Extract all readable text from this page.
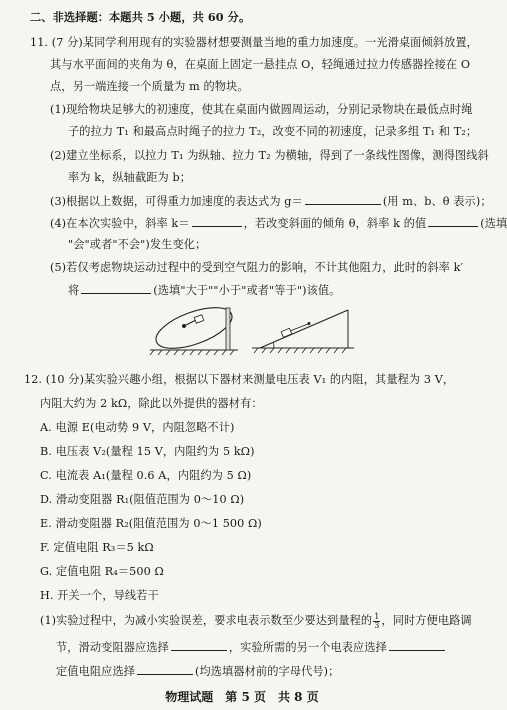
二、非选择题：本题共 5 小题，共 60 分。
11. (7 分)某同学利用现有的实验器材想要测量当地的重力加速度。一光滑桌面倾斜放置，
其与水平面间的夹角为 θ，在桌面上固定一悬挂点 O，轻绳通过拉力传感器拴接在 O
点，另一端连接一个质量为 m 的物块。
(1)现给物块足够大的初速度，使其在桌面内做圆周运动，分别记录物块在最低点时绳
子的拉力 T₁ 和最高点时绳子的拉力 T₂，改变不同的初速度，记录多组 T₁ 和 T₂；
(2)建立坐标系，以拉力 T₁ 为纵轴、拉力 T₂ 为横轴，得到了一条线性图像，测得图线斜
率为 k，纵轴截距为 b；
(3)根据以上数据，可得重力加速度的表达式为 g＝	(用 m、b、θ 表示)；
(4)在本次实验中，斜率 k＝	，若改变斜面的倾角 θ，斜率 k 的值	(选填
"会"或者"不会")发生变化；
(5)若仅考虑物块运动过程中的受到空气阻力的影响，不计其他阻力，此时的斜率 k′
将	(选填"大于""小于"或者"等于")该值。
12. (10 分)某实验兴趣小组，根据以下器材来测量电压表 V₁ 的内阻，其量程为 3 V，
内阻大约为 2 kΩ，除此以外提供的器材有：
A. 电源 E(电动势 9 V，内阻忽略不计)
B. 电压表 V₂(量程 15 V，内阻约为 5 kΩ)
C. 电流表 A₁(量程 0.6 A，内阻约为 5 Ω)
D. 滑动变阻器 R₁(阻值范围为 0～10 Ω)
E. 滑动变阻器 R₂(阻值范围为 0～1 500 Ω)
F. 定值电阻 R₃＝5 kΩ
G. 定值电阻 R₄＝500 Ω
H. 开关一个，导线若干
(1)实验过程中，为减小实验误差，要求电表示数至少要达到量程的 $\frac{1}{3}$ ，同时方便电路调
节，滑动变阻器应选择	，实验所需的另一个电表应选择
定值电阻应选择	(均选填器材前的字母代号)；
物理试题　第 5 页　共 8 页
